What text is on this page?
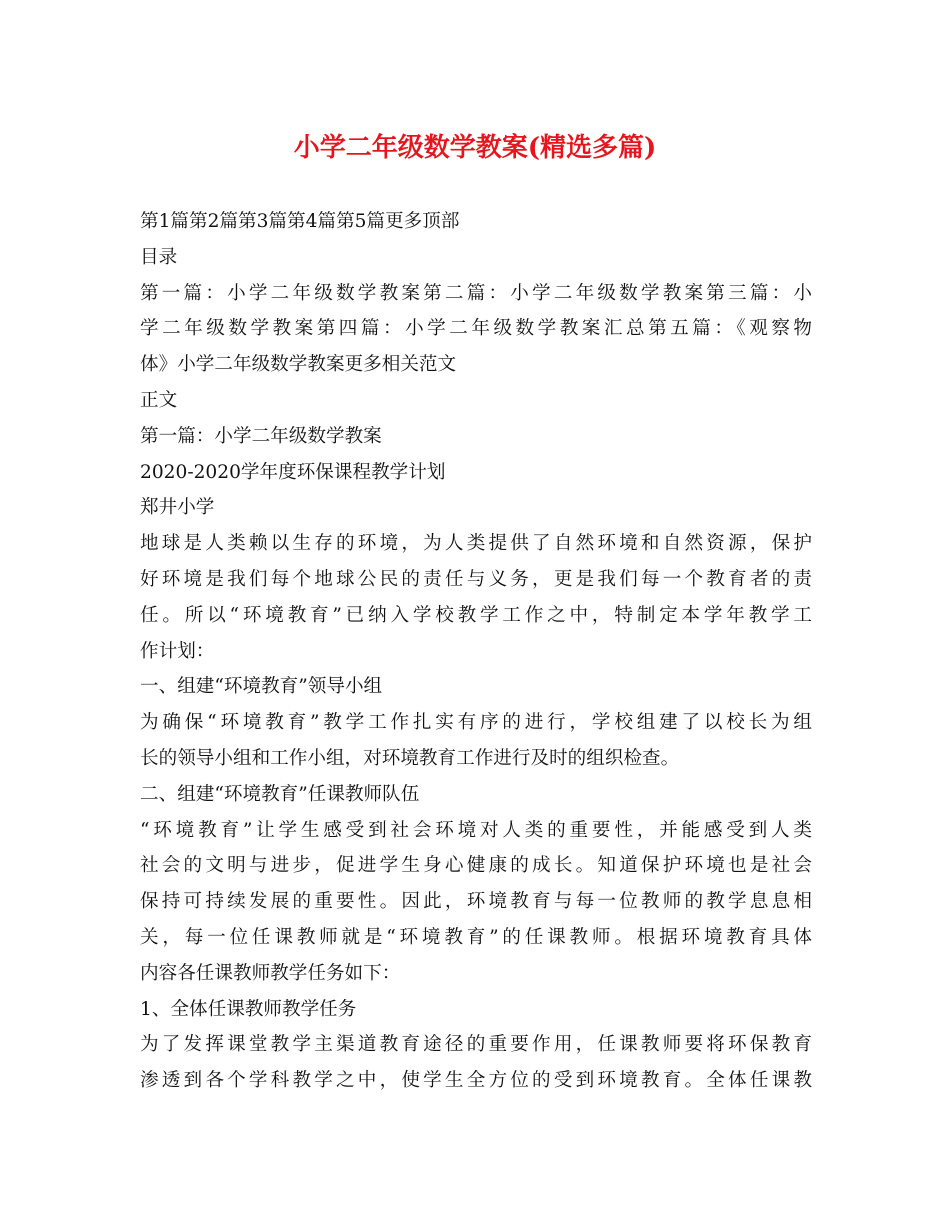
小学二年级数学教案(精选多篇)
第1篇第2篇第3篇第4篇第5篇更多顶部
目录
第一篇：小学二年级数学教案第二篇：小学二年级数学教案第三篇：小
学二年级数学教案第四篇：小学二年级数学教案汇总第五篇：《观察物
体》小学二年级数学教案更多相关范文
正文
第一篇：小学二年级数学教案
2020-2020学年度环保课程教学计划
郑井小学
地球是人类赖以生存的环境，为人类提供了自然环境和自然资源，保护
好环境是我们每个地球公民的责任与义务，更是我们每一个教育者的责
任。所以“环境教育”已纳入学校教学工作之中，特制定本学年教学工
作计划：
一、组建“环境教育”领导小组
为确保“环境教育”教学工作扎实有序的进行，学校组建了以校长为组
长的领导小组和工作小组，对环境教育工作进行及时的组织检查。
二、组建“环境教育”任课教师队伍
“环境教育”让学生感受到社会环境对人类的重要性，并能感受到人类
社会的文明与进步，促进学生身心健康的成长。知道保护环境也是社会
保持可持续发展的重要性。因此，环境教育与每一位教师的教学息息相
关，每一位任课教师就是“环境教育”的任课教师。根据环境教育具体
内容各任课教师教学任务如下：
1、全体任课教师教学任务
为了发挥课堂教学主渠道教育途径的重要作用，任课教师要将环保教育
渗透到各个学科教学之中，使学生全方位的受到环境教育。全体任课教
